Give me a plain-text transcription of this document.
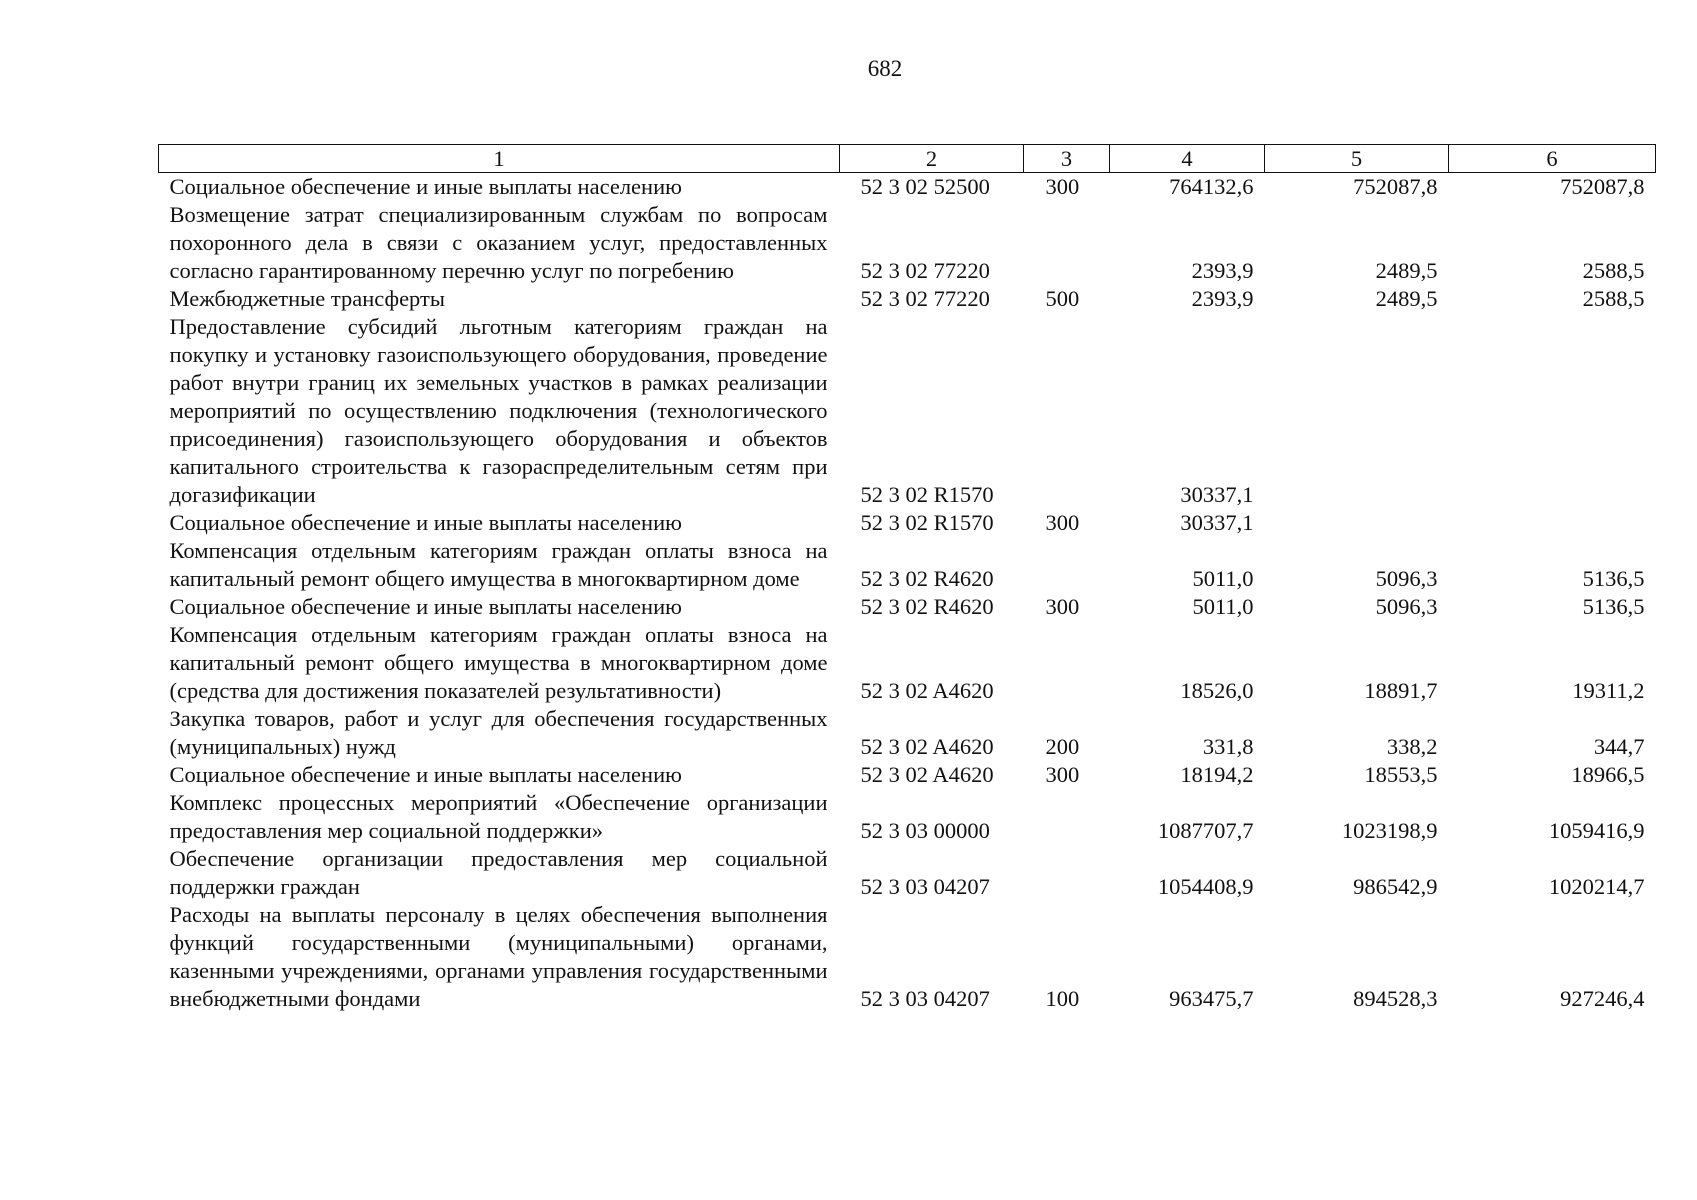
682
1	2	3	4	5	6
Социальное обеспечение и иные выплаты населению	52 3 02 52500	300	764132,6	752087,8	752087,8
Возмещение затрат специализированным службам по вопросам похоронного дела в связи с оказанием услуг, предоставленных согласно гарантированному перечню услуг по погребению	52 3 02 77220		2393,9	2489,5	2588,5
Межбюджетные трансферты	52 3 02 77220	500	2393,9	2489,5	2588,5
Предоставление субсидий льготным категориям граждан на покупку и установку газоиспользующего оборудования, проведение работ внутри границ их земельных участков в рамках реализации мероприятий по осуществлению подключения (технологического присоединения) газоиспользующего оборудования и объектов капитального строительства к газораспределительным сетям при догазификации	52 3 02 R1570		30337,1		
Социальное обеспечение и иные выплаты населению	52 3 02 R1570	300	30337,1		
Компенсация отдельным категориям граждан оплаты взноса на капитальный ремонт общего имущества в многоквартирном доме	52 3 02 R4620		5011,0	5096,3	5136,5
Социальное обеспечение и иные выплаты населению	52 3 02 R4620	300	5011,0	5096,3	5136,5
Компенсация отдельным категориям граждан оплаты взноса на капитальный ремонт общего имущества в многоквартирном доме (средства для достижения показателей результативности)	52 3 02 A4620		18526,0	18891,7	19311,2
Закупка товаров, работ и услуг для обеспечения государственных (муниципальных) нужд	52 3 02 A4620	200	331,8	338,2	344,7
Социальное обеспечение и иные выплаты населению	52 3 02 A4620	300	18194,2	18553,5	18966,5
Комплекс процессных мероприятий «Обеспечение организации предоставления мер социальной поддержки»	52 3 03 00000		1087707,7	1023198,9	1059416,9
Обеспечение организации предоставления мер социальной поддержки граждан	52 3 03 04207		1054408,9	986542,9	1020214,7
Расходы на выплаты персоналу в целях обеспечения выполнения функций государственными (муниципальными) органами, казенными учреждениями, органами управления государственными внебюджетными фондами	52 3 03 04207	100	963475,7	894528,3	927246,4
